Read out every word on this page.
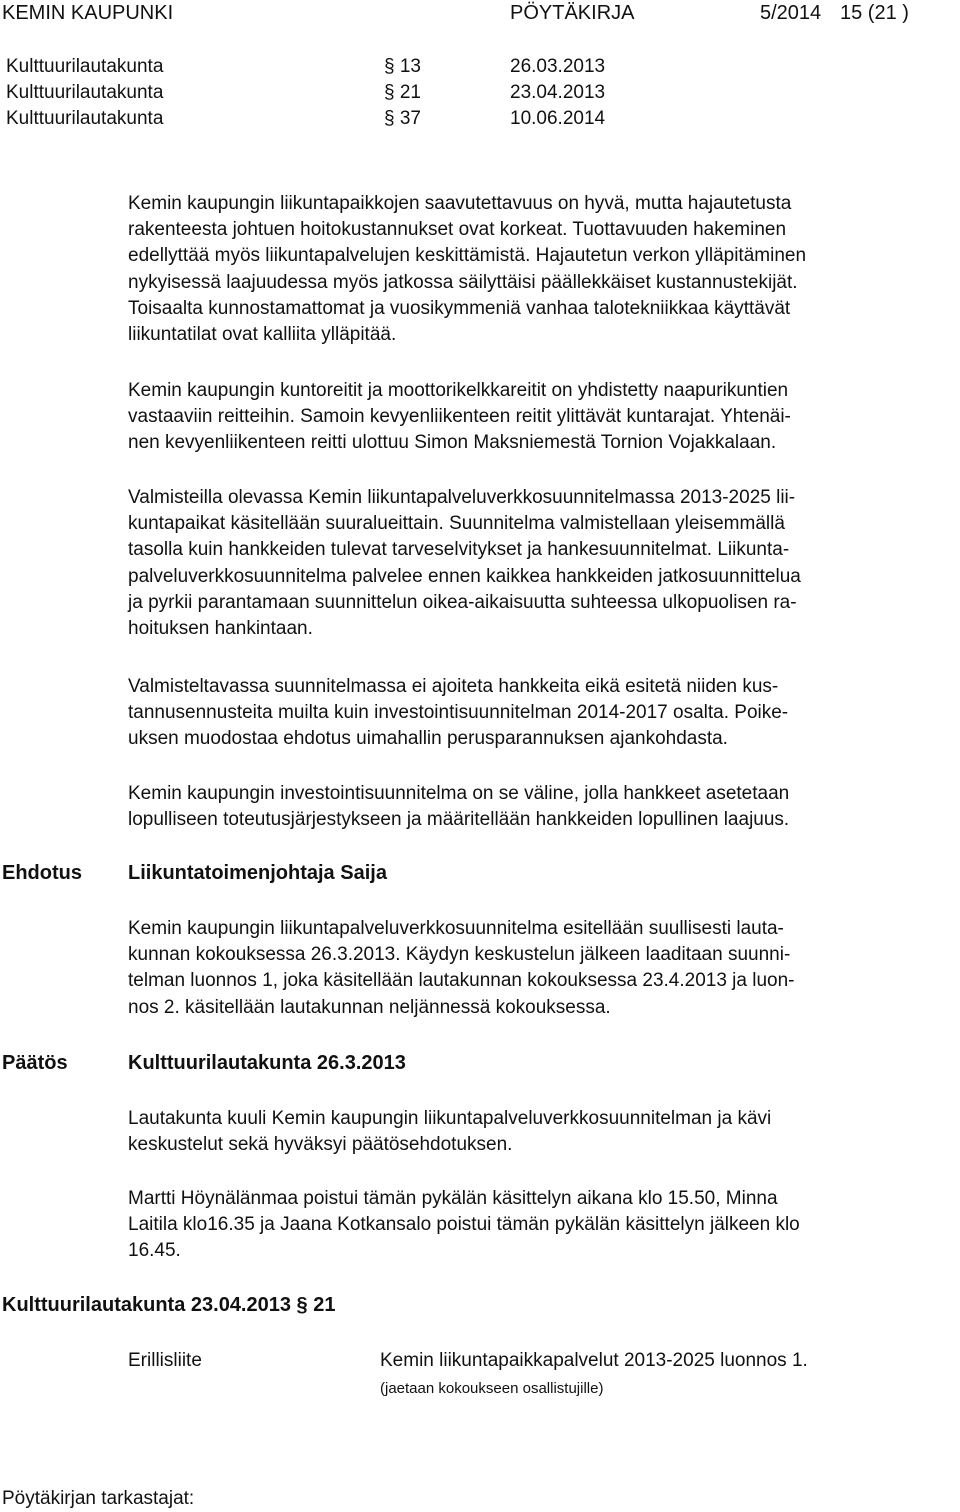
KEMIN KAUPUNKI	PÖYTÄKIRJA	5/2014 15 (21 )
Kulttuurilautakunta	§ 13	26.03.2013
Kulttuurilautakunta	§ 21	23.04.2013
Kulttuurilautakunta	§ 37	10.06.2014
Kemin kaupungin liikuntapaikkojen saavutettavuus on hyvä, mutta hajautetusta
rakenteesta johtuen hoitokustannukset ovat korkeat. Tuottavuuden hakeminen
edellyttää myös liikuntapalvelujen keskittämistä. Hajautetun verkon ylläpitäminen
nykyisessä laajuudessa myös jatkossa säilyttäisi päällekkäiset kustannustekijät.
Toisaalta kunnostamattomat ja vuosikymmeniä vanhaa talotekniikkaa käyttävät
liikuntatilat ovat kalliita ylläpitää.
Kemin kaupungin kuntoreitit ja moottorikelkkareitit on yhdistetty naapurikuntien
vastaaviin reitteihin. Samoin kevyenliikenteen reitit ylittävät kuntarajat. Yhtenäi-
nen kevyenliikenteen reitti ulottuu Simon Maksniemestä Tornion Vojakkalaan.
Valmisteilla olevassa Kemin liikuntapalveluverkkosuunnitelmassa 2013-2025 lii-
kuntapaikat käsitellään suuralueittain. Suunnitelma valmistellaan yleisemmällä
tasolla kuin hankkeiden tulevat tarveselvitykset ja hankesuunnitelmat. Liikunta-
palveluverkkosuunnitelma palvelee ennen kaikkea hankkeiden jatkosuunnittelua
ja pyrkii parantamaan suunnittelun oikea-aikaisuutta suhteessa ulkopuolisen ra-
hoituksen hankintaan.
Valmisteltavassa suunnitelmassa ei ajoiteta hankkeita eikä esitetä niiden kus-
tannusennusteita muilta kuin investointisuunnitelman 2014-2017 osalta. Poike-
uksen muodostaa ehdotus uimahallin perusparannuksen ajankohdasta.
Kemin kaupungin investointisuunnitelma on se väline, jolla hankkeet asetetaan
lopulliseen toteutusjärjestykseen ja määritellään hankkeiden lopullinen laajuus.
Ehdotus Liikuntatoimenjohtaja Saija
Kemin kaupungin liikuntapalveluverkkosuunnitelma esitellään suullisesti lauta-
kunnan kokouksessa 26.3.2013. Käydyn keskustelun jälkeen laaditaan suunni-
telman luonnos 1, joka käsitellään lautakunnan kokouksessa 23.4.2013 ja luon-
nos 2. käsitellään lautakunnan neljännessä kokouksessa.
Päätös	Kulttuurilautakunta 26.3.2013
Lautakunta kuuli Kemin kaupungin liikuntapalveluverkkosuunnitelman ja kävi
keskustelut sekä hyväksyi päätösehdotuksen.
Martti Höynälänmaa poistui tämän pykälän käsittelyn aikana klo 15.50, Minna
Laitila klo16.35 ja Jaana Kotkansalo poistui tämän pykälän käsittelyn jälkeen klo
16.45.
Kulttuurilautakunta 23.04.2013 § 21
Erillisliite	Kemin liikuntapaikkapalvelut 2013-2025 luonnos 1.
(jaetaan kokoukseen osallistujille)
Pöytäkirjan tarkastajat:
